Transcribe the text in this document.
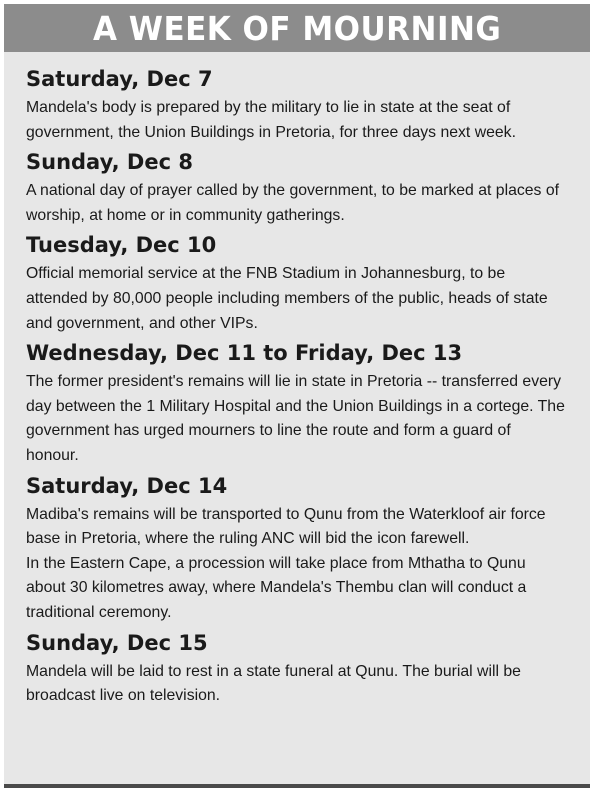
A WEEK OF MOURNING
Saturday, Dec 7

Mandela's body is prepared by the military to lie in state at the seat of government, the Union Buildings in Pretoria, for three days next week.

Sunday, Dec 8

A national day of prayer called by the government, to be marked at places of worship, at home or in community gatherings.

Tuesday, Dec 10

Official memorial service at the FNB Stadium in Johannesburg, to be attended by 80,000 people including members of the public, heads of state and government, and other VIPs.

Wednesday, Dec 11 to Friday, Dec 13

The former president's remains will lie in state in Pretoria -- transferred every day between the 1 Military Hospital and the Union Buildings in a cortege. The government has urged mourners to line the route and form a guard of honour.

Saturday, Dec 14

Madiba's remains will be transported to Qunu from the Waterkloof air force base in Pretoria, where the ruling ANC will bid the icon farewell.

In the Eastern Cape, a procession will take place from Mthatha to Qunu about 30 kilometres away, where Mandela's Thembu clan will conduct a traditional ceremony.

Sunday, Dec 15

Mandela will be laid to rest in a state funeral at Qunu. The burial will be broadcast live on television.
